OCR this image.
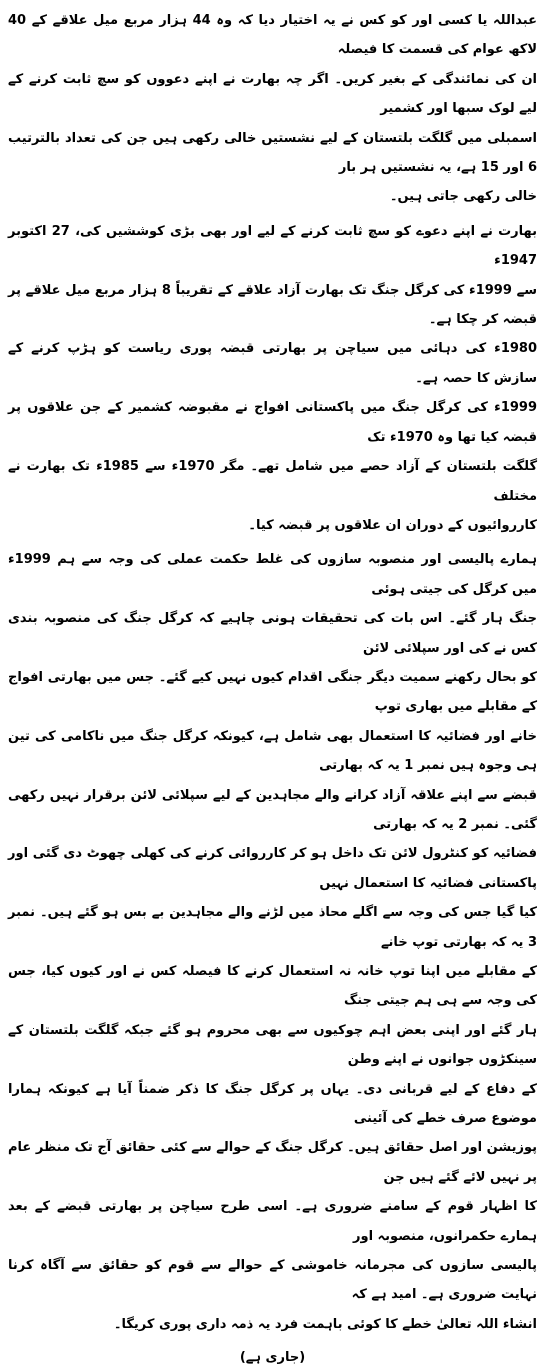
عبداللہ یا کسی اور کو کس نے یہ اختیار دیا کہ وہ 44 ہزار مربع میل علاقے کے 40 لاکھ عوام کی قسمت کا فیصلہ
ان کی نمائندگی کے بغیر کریں۔ اگر چہ بھارت نے اپنے دعووں کو سچ ثابت کرنے کے لیے لوک سبھا اور کشمیر
اسمبلی میں گلگت بلتستان کے لیے نشستیں خالی رکھی ہیں جن کی تعداد بالترتیب 6 اور 15 ہے، یہ نشستیں ہر بار
خالی رکھی جاتی ہیں۔

بھارت نے اپنے دعوے کو سچ ثابت کرنے کے لیے اور بھی بڑی کوششیں کی، 27 اکتوبر 1947ء
سے 1999ء کی کرگل جنگ تک بھارت آزاد علاقے کے تقریباً 8 ہزار مربع میل علاقے پر قبضہ کر چکا ہے۔
1980ء کی دہائی میں سیاچن پر بھارتی قبضہ پوری ریاست کو ہڑپ کرنے کے سازش کا حصہ ہے۔
1999ء کی کرگل جنگ میں پاکستانی افواج نے مقبوضہ کشمیر کے جن علاقوں پر قبضہ کیا تھا وہ 1970ء تک
گلگت بلتستان کے آزاد حصے میں شامل تھے۔ مگر 1970ء سے 1985ء تک بھارت نے مختلف
کارروائیوں کے دوران ان علاقوں پر قبضہ کیا۔

ہمارے پالیسی اور منصوبہ سازوں کی غلط حکمت عملی کی وجہ سے ہم 1999ء میں کرگل کی جیتی ہوئی
جنگ ہار گئے۔ اس بات کی تحقیقات ہونی چاہیے کہ کرگل جنگ کی منصوبہ بندی کس نے کی اور سپلائی لائن
کو بحال رکھنے سمیت دیگر جنگی اقدام کیوں نہیں کیے گئے۔ جس میں بھارتی افواج کے مقابلے میں بھاری توپ
خانے اور فضائیہ کا استعمال بھی شامل ہے، کیونکہ کرگل جنگ میں ناکامی کی تین ہی وجوہ ہیں نمبر 1 یہ کہ بھارتی
قبضے سے اپنے علاقہ آزاد کرانے والے مجاہدین کے لیے سپلائی لائن برقرار نہیں رکھی گئی۔ نمبر 2 یہ کہ بھارتی
فضائیہ کو کنٹرول لائن تک داخل ہو کر کارروائی کرنے کی کھلی چھوٹ دی گئی اور پاکستانی فضائیہ کا استعمال نہیں
کیا گیا جس کی وجہ سے اگلے محاذ میں لڑنے والے مجاہدین بے بس ہو گئے ہیں۔ نمبر 3 یہ کہ بھارتی توپ خانے
کے مقابلے میں اپنا توپ خانہ نہ استعمال کرنے کا فیصلہ کس نے اور کیوں کیا، جس کی وجہ سے ہی ہم جیتی جنگ
ہار گئے اور اپنی بعض اہم چوکیوں سے بھی محروم ہو گئے جبکہ گلگت بلتستان کے سینکڑوں جوانوں نے اپنے وطن
کے دفاع کے لیے قربانی دی۔ یہاں پر کرگل جنگ کا ذکر ضمناً آیا ہے کیونکہ ہمارا موضوع صرف خطے کی آئینی
پوزیشن اور اصل حقائق ہیں۔ کرگل جنگ کے حوالے سے کئی حقائق آج تک منظر عام پر نہیں لائے گئے ہیں جن
کا اظہار قوم کے سامنے ضروری ہے۔ اسی طرح سیاچن پر بھارتی قبضے کے بعد ہمارے حکمرانوں، منصوبہ اور
پالیسی سازوں کی مجرمانہ خاموشی کے حوالے سے قوم کو حقائق سے آگاہ کرنا نہایت ضروری ہے۔ امید ہے کہ
انشاء اللہ تعالیٰ خطے کا کوئی باہمت فرد یہ ذمہ داری پوری کریگا۔

(جاری ہے)
